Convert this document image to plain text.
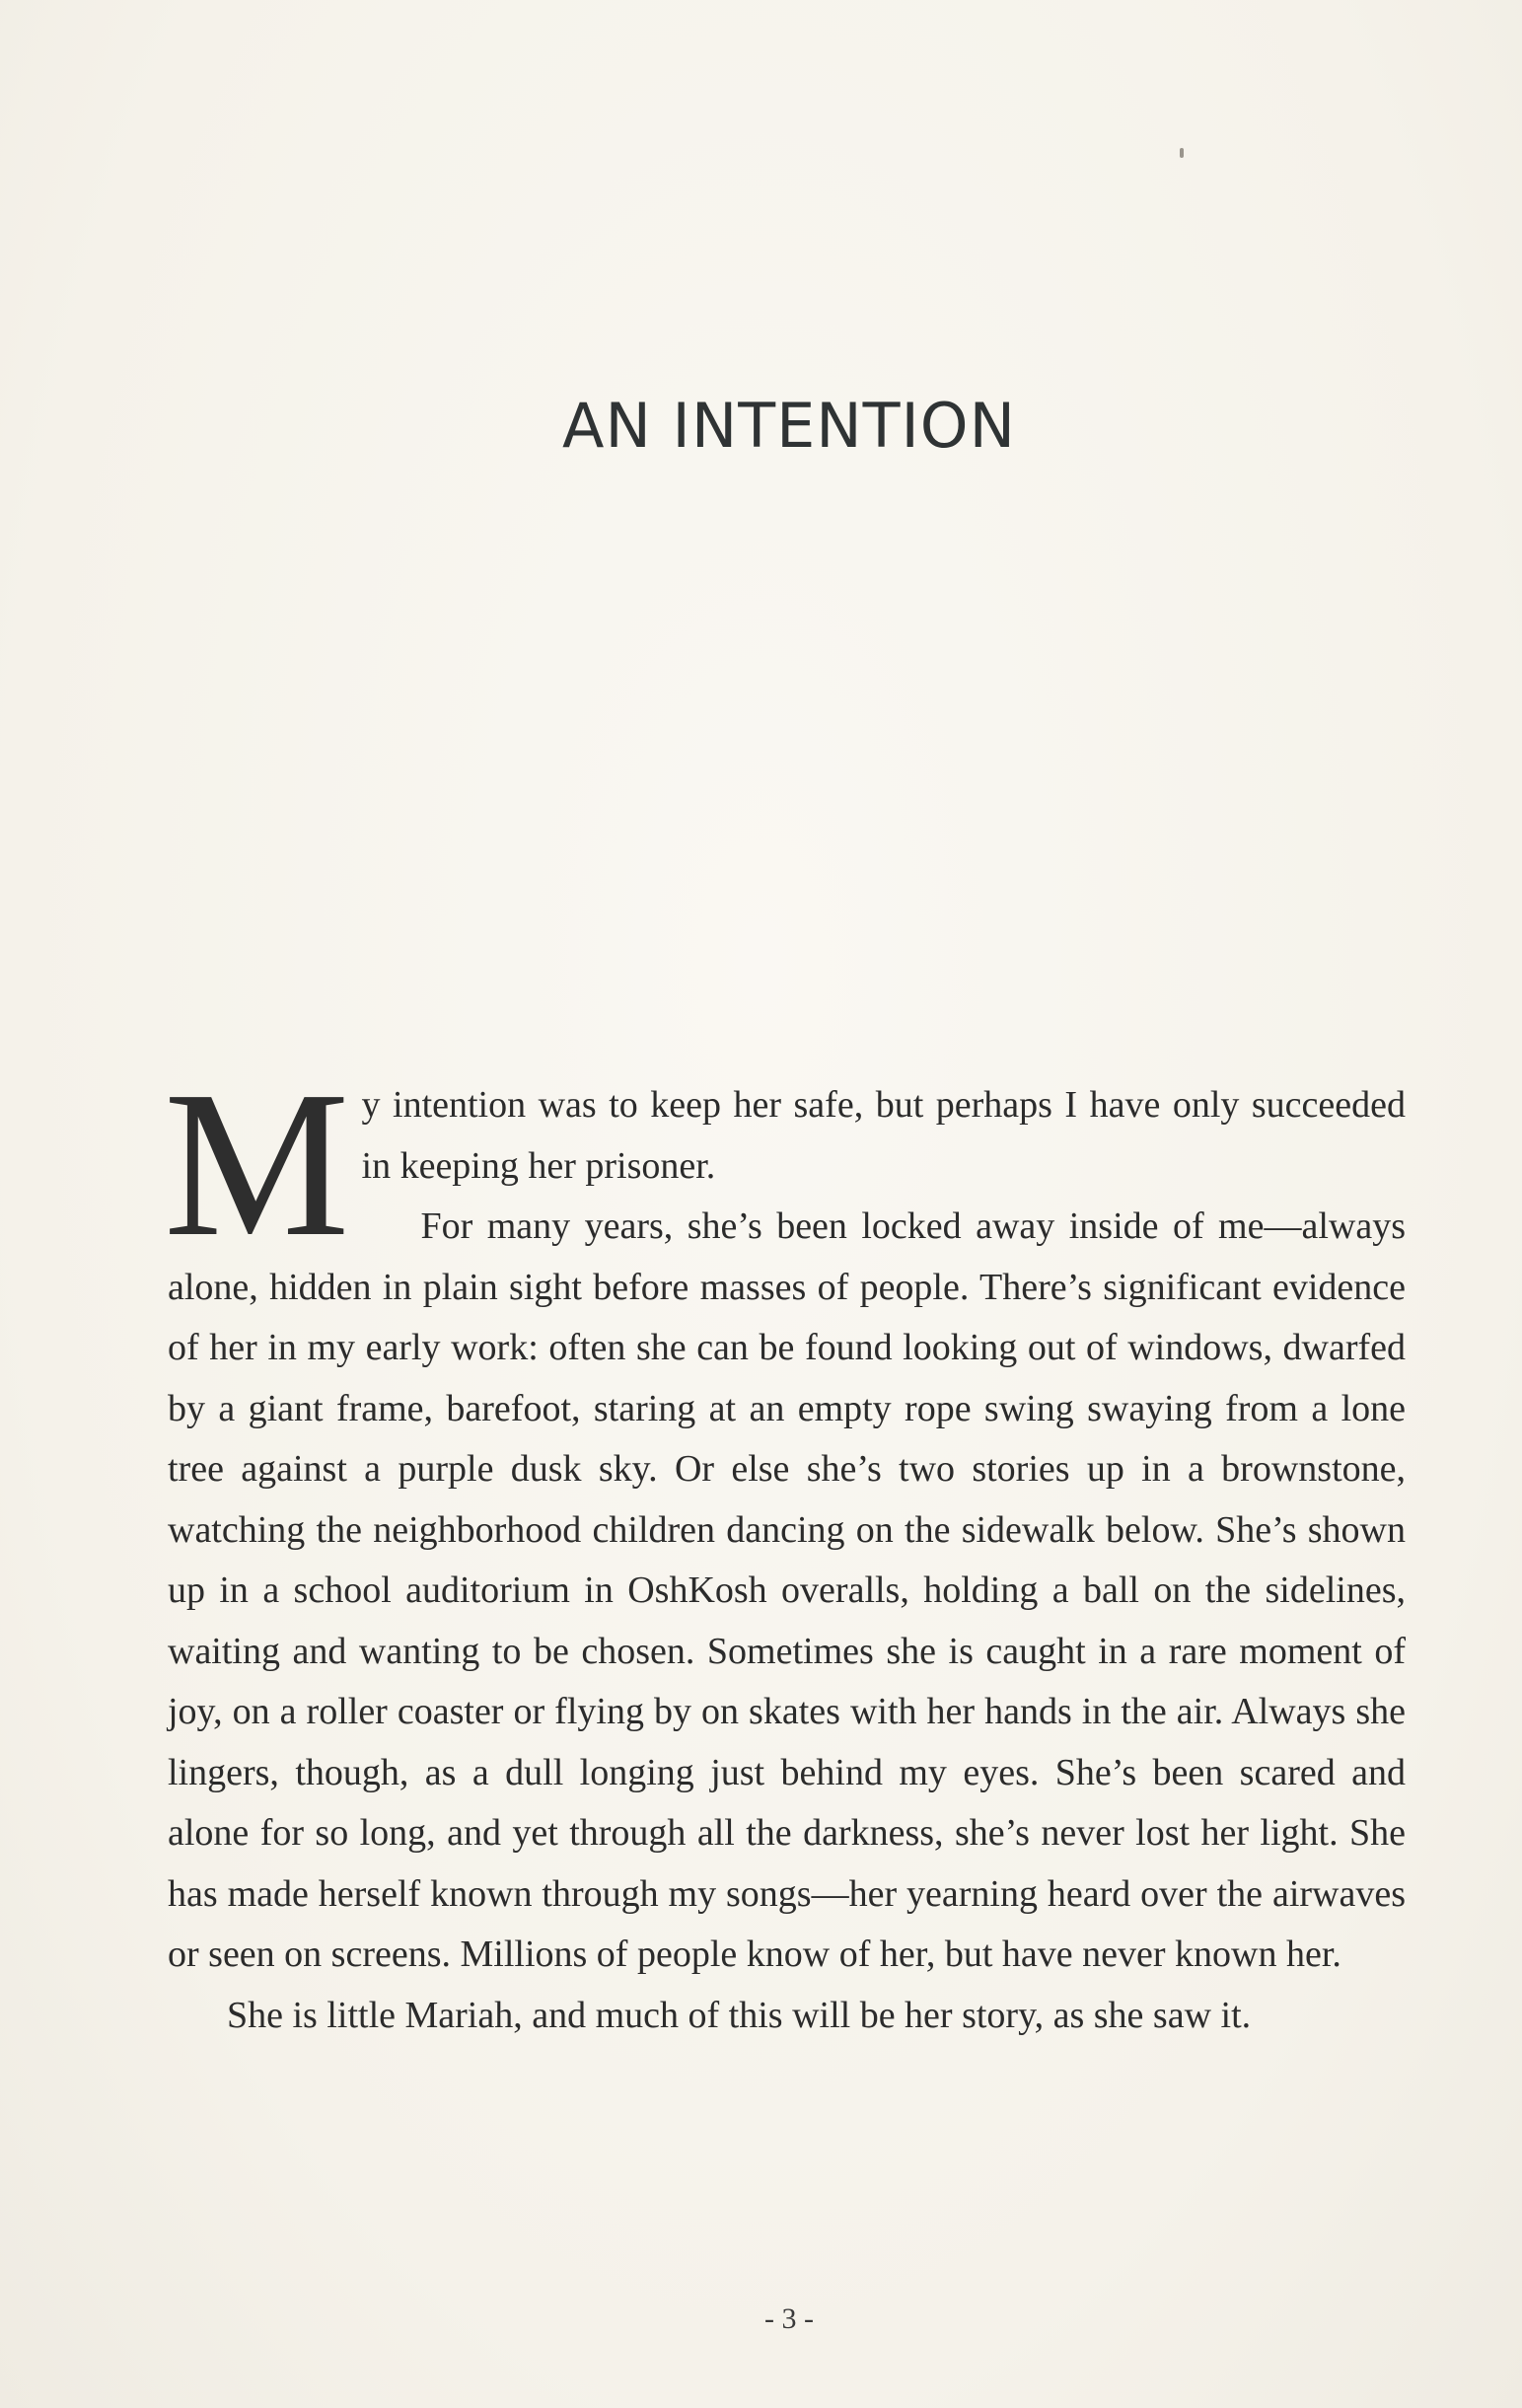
AN INTENTION

My intention was to keep her safe, but perhaps I have only succeeded in keeping her prisoner.

For many years, she’s been locked away inside of me—always alone, hidden in plain sight before masses of people. There’s significant evidence of her in my early work: often she can be found looking out of windows, dwarfed by a giant frame, barefoot, staring at an empty rope swing swaying from a lone tree against a purple dusk sky. Or else she’s two stories up in a brownstone, watching the neighborhood children dancing on the sidewalk below. She’s shown up in a school auditorium in OshKosh overalls, holding a ball on the sidelines, waiting and wanting to be chosen. Sometimes she is caught in a rare moment of joy, on a roller coaster or flying by on skates with her hands in the air. Always she lingers, though, as a dull longing just behind my eyes. She’s been scared and alone for so long, and yet through all the darkness, she’s never lost her light. She has made herself known through my songs—her yearning heard over the airwaves or seen on screens. Millions of people know of her, but have never known her.

She is little Mariah, and much of this will be her story, as she saw it.

- 3 -
